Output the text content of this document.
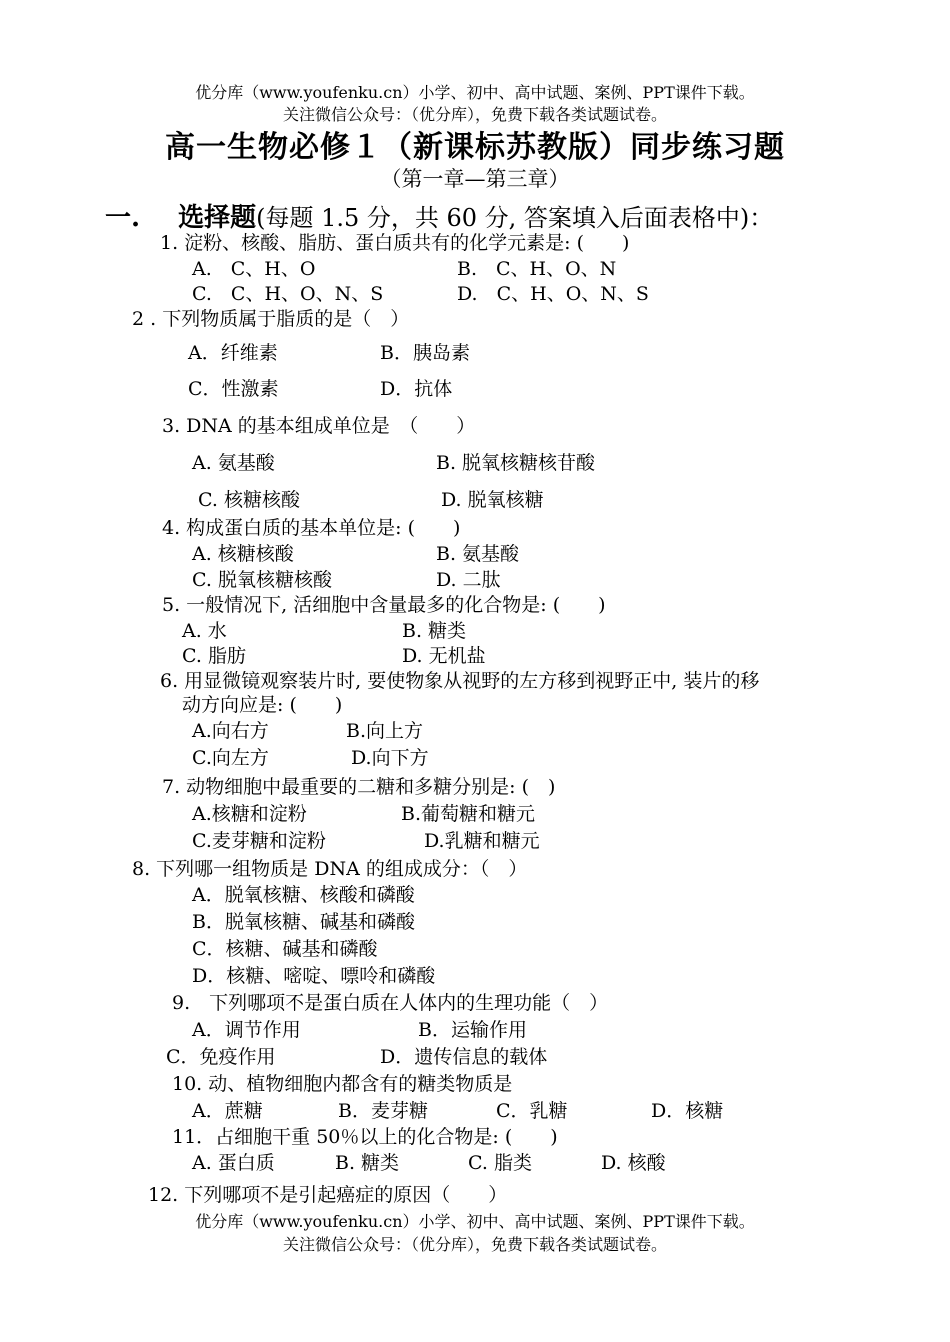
优分库（www.youfenku.cn）小学、初中、高中试题、案例、PPT课件下载。
关注微信公众号：（优分库），免费下载各类试题试卷。
高一生物必修１（新课标苏教版）同步练习题
（第一章—第三章）
一. 选择题(每题 1.5 分，共 60 分, 答案填入后面表格中)：
1. 淀粉、核酸、脂肪、蛋白质共有的化学元素是: (　　)
A.　C、H、O	B.　C、H、O、N
C.　C、H、O、N、S	D.　C、H、O、N、S
2 . 下列物质属于脂质的是（　）
A．纤维素	B．胰岛素
C．性激素	D．抗体
3. DNA 的基本组成单位是　（　　）
A. 氨基酸	B. 脱氧核糖核苷酸
C. 核糖核酸	D. 脱氧核糖
4. 构成蛋白质的基本单位是: (　　)
A. 核糖核酸	B. 氨基酸
C. 脱氧核糖核酸	D. 二肽
5. 一般情况下, 活细胞中含量最多的化合物是: (　　)
A. 水	B. 糖类
C. 脂肪	D. 无机盐
6. 用显微镜观察装片时, 要使物象从视野的左方移到视野正中, 装片的移
动方向应是: (　　)
A.向右方	B.向上方
C.向左方	D.向下方
7. 动物细胞中最重要的二糖和多糖分别是: (　)
A.核糖和淀粉	B.葡萄糖和糖元
C.麦芽糖和淀粉	D.乳糖和糖元
8. 下列哪一组物质是 DNA 的组成成分：（　）
A．脱氧核糖、核酸和磷酸
B．脱氧核糖、碱基和磷酸
C．核糖、碱基和磷酸
D．核糖、嘧啶、嘌呤和磷酸
9.　下列哪项不是蛋白质在人体内的生理功能（　）
A．调节作用	B．运输作用
C．免疫作用	D．遗传信息的载体
10. 动、植物细胞内都含有的糖类物质是
A．蔗糖	B．麦芽糖	C．乳糖	D．核糖
11．占细胞干重 50％以上的化合物是: (　　)
A. 蛋白质	B. 糖类	C. 脂类	D. 核酸
12. 下列哪项不是引起癌症的原因（　　）
优分库（www.youfenku.cn）小学、初中、高中试题、案例、PPT课件下载。
关注微信公众号：（优分库），免费下载各类试题试卷。
